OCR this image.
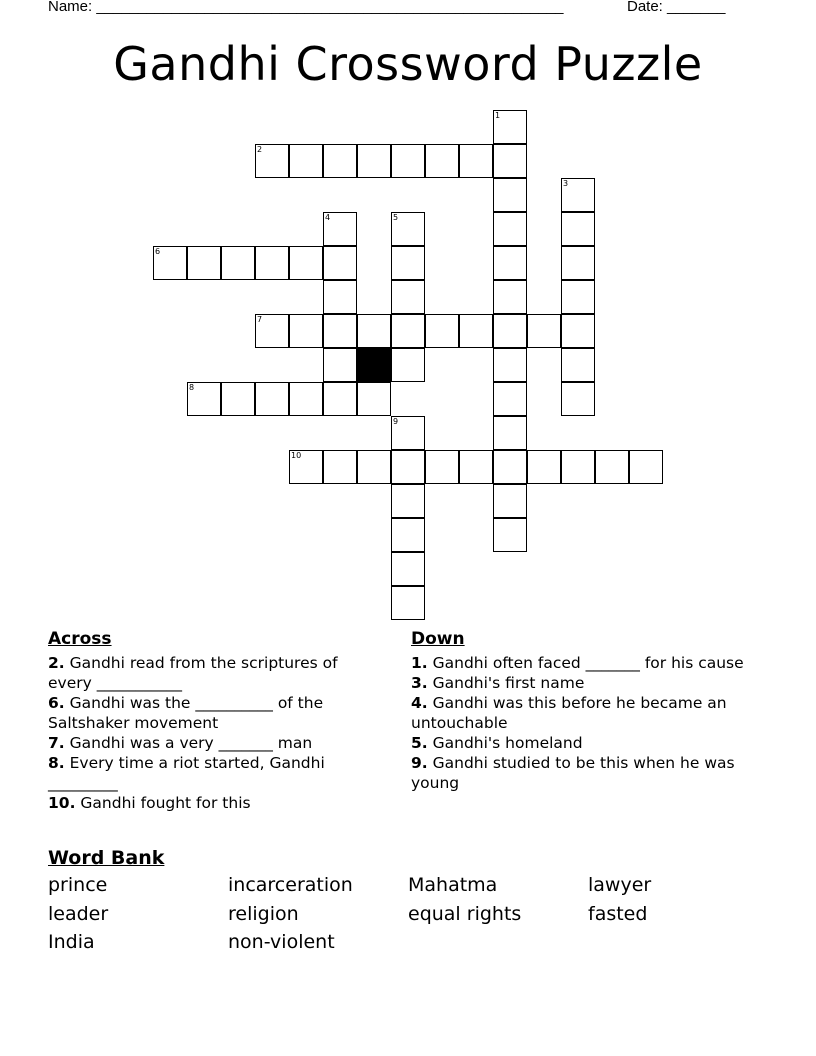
Name: ________________________________________________________	Date: _______
Gandhi Crossword Puzzle
1
2
3
4	5
6
7
8
9
10
Across
2. Gandhi read from the scriptures of every ___________
6. Gandhi was the __________ of the Saltshaker movement
7. Gandhi was a very _______ man
8. Every time a riot started, Gandhi _________
10. Gandhi fought for this
Down
1. Gandhi often faced _______ for his cause
3. Gandhi's first name
4. Gandhi was this before he became an untouchable
5. Gandhi's homeland
9. Gandhi studied to be this when he was young
Word Bank
prince	incarceration	Mahatma	lawyer
leader	religion	equal rights	fasted
India	non-violent
